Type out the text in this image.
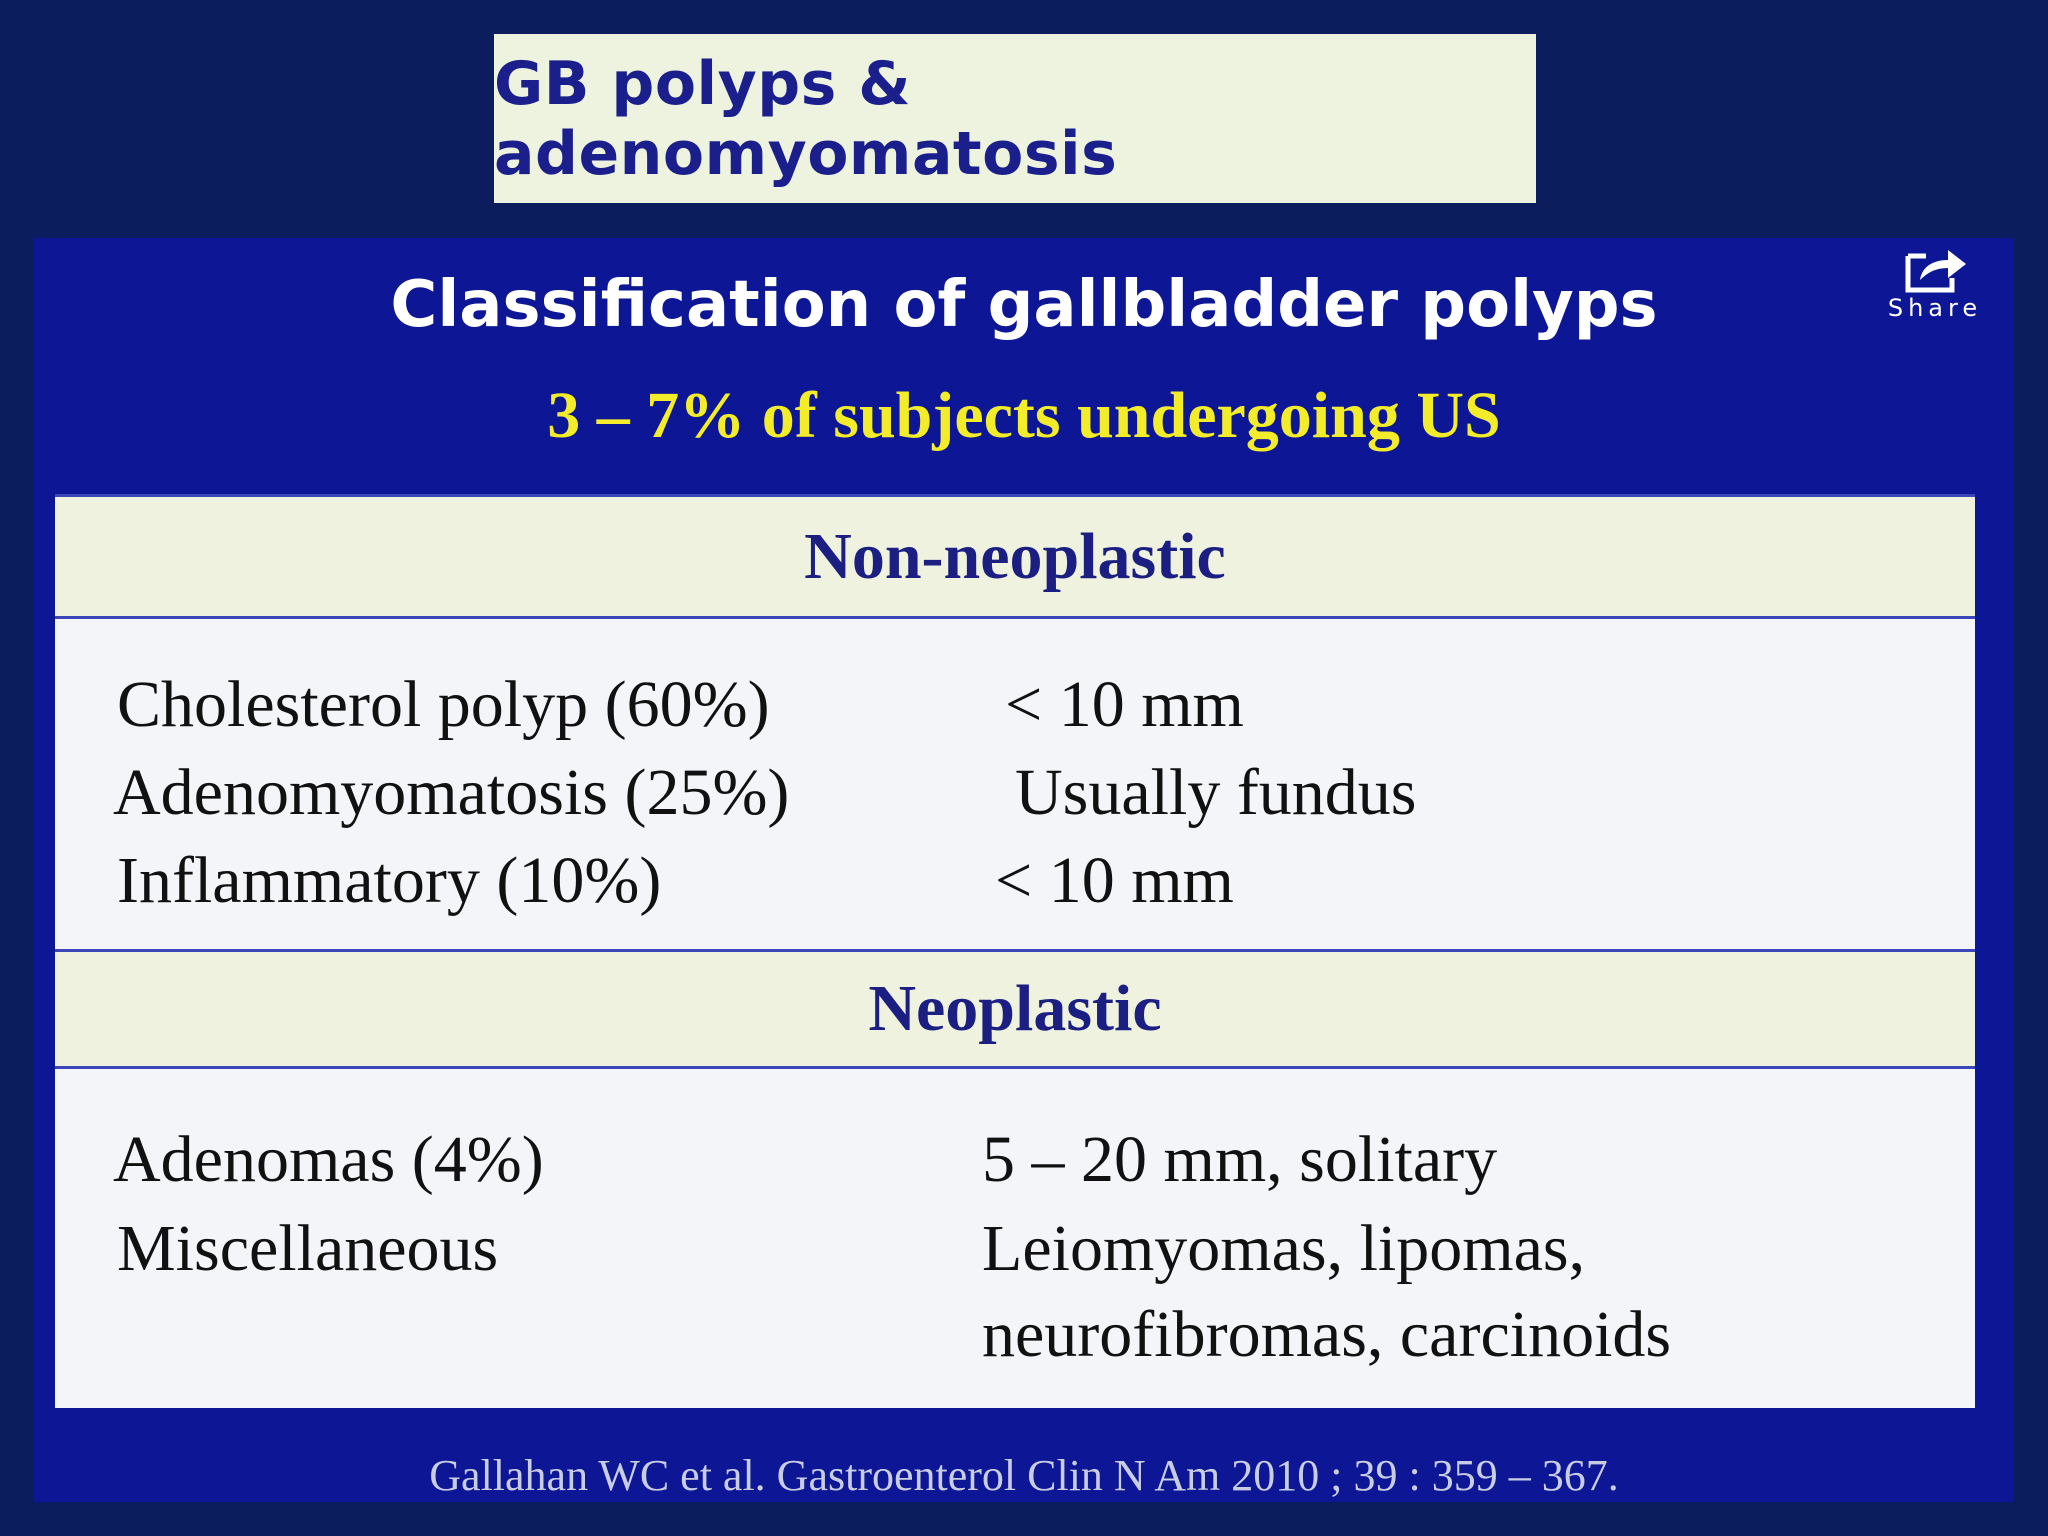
GB polyps & adenomyomatosis
Classification of gallbladder polyps
3 – 7% of subjects undergoing US
Share
Non-neoplastic
Cholesterol polyp (60%)	< 10 mm
Adenomyomatosis (25%)	Usually fundus
Inflammatory (10%)	< 10 mm
Neoplastic
Adenomas (4%)	5 – 20 mm, solitary
Miscellaneous	Leiomyomas, lipomas,
neurofibromas, carcinoids
Gallahan WC et al. Gastroenterol Clin N Am 2010 ; 39 : 359 – 367.
